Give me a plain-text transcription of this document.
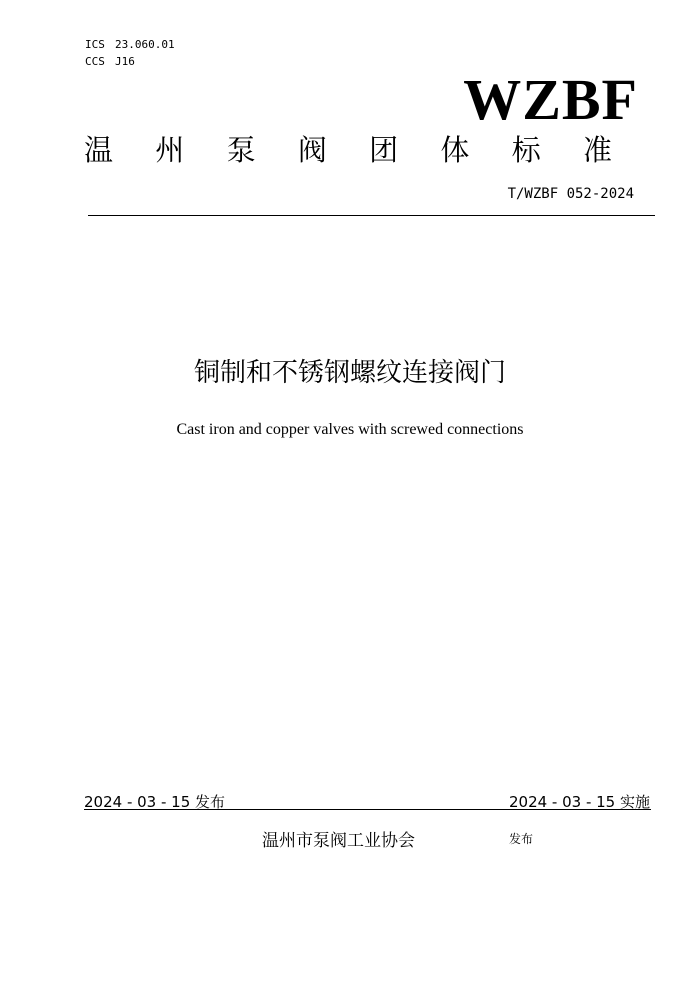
ICS 23.060.01
CCS J16
WZBF
温 州 泵 阀 团 体 标 准
T/WZBF 052-2024
铜制和不锈钢螺纹连接阀门
Cast iron and copper valves with screwed connections
2024 - 03 - 15 发布	2024 - 03 - 15 实施
温州市泵阀工业协会	发布
